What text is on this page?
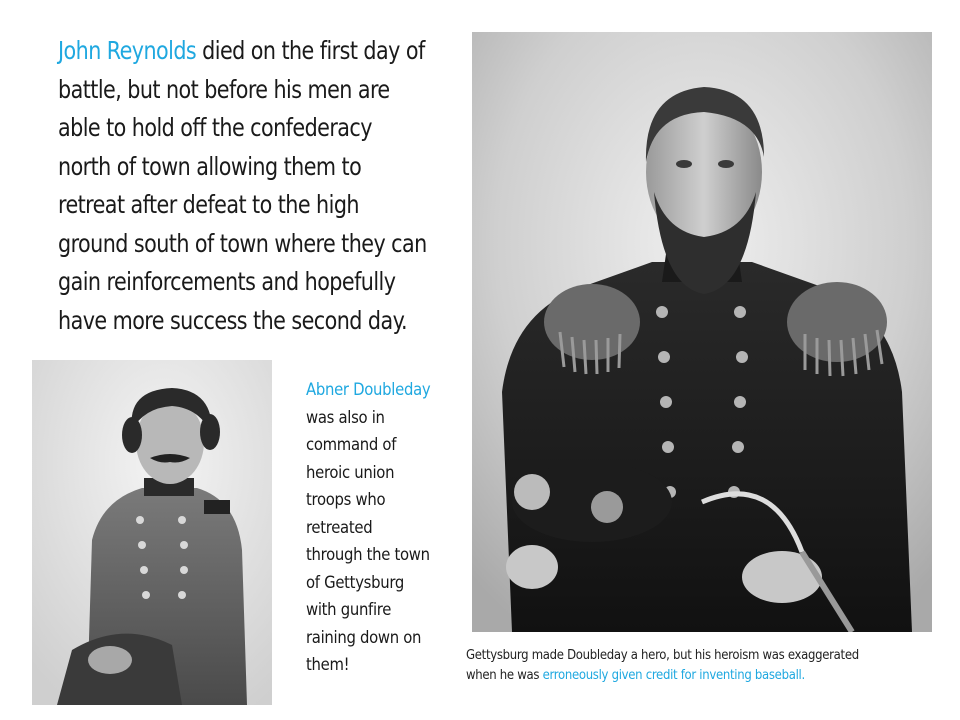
John Reynolds died on the first day of
battle, but not before his men are
able to hold off the confederacy
north of town allowing them to
retreat after defeat to the high
ground south of town where they can
gain reinforcements and hopefully
have more success the second day.
Abner Doubleday
was also in
command of
heroic union
troops who
retreated
through the town
of Gettysburg
with gunfire
raining down on
them!	Gettysburg made Doubleday a hero, but his heroism was exaggerated
when he was erroneously given credit for inventing baseball.
